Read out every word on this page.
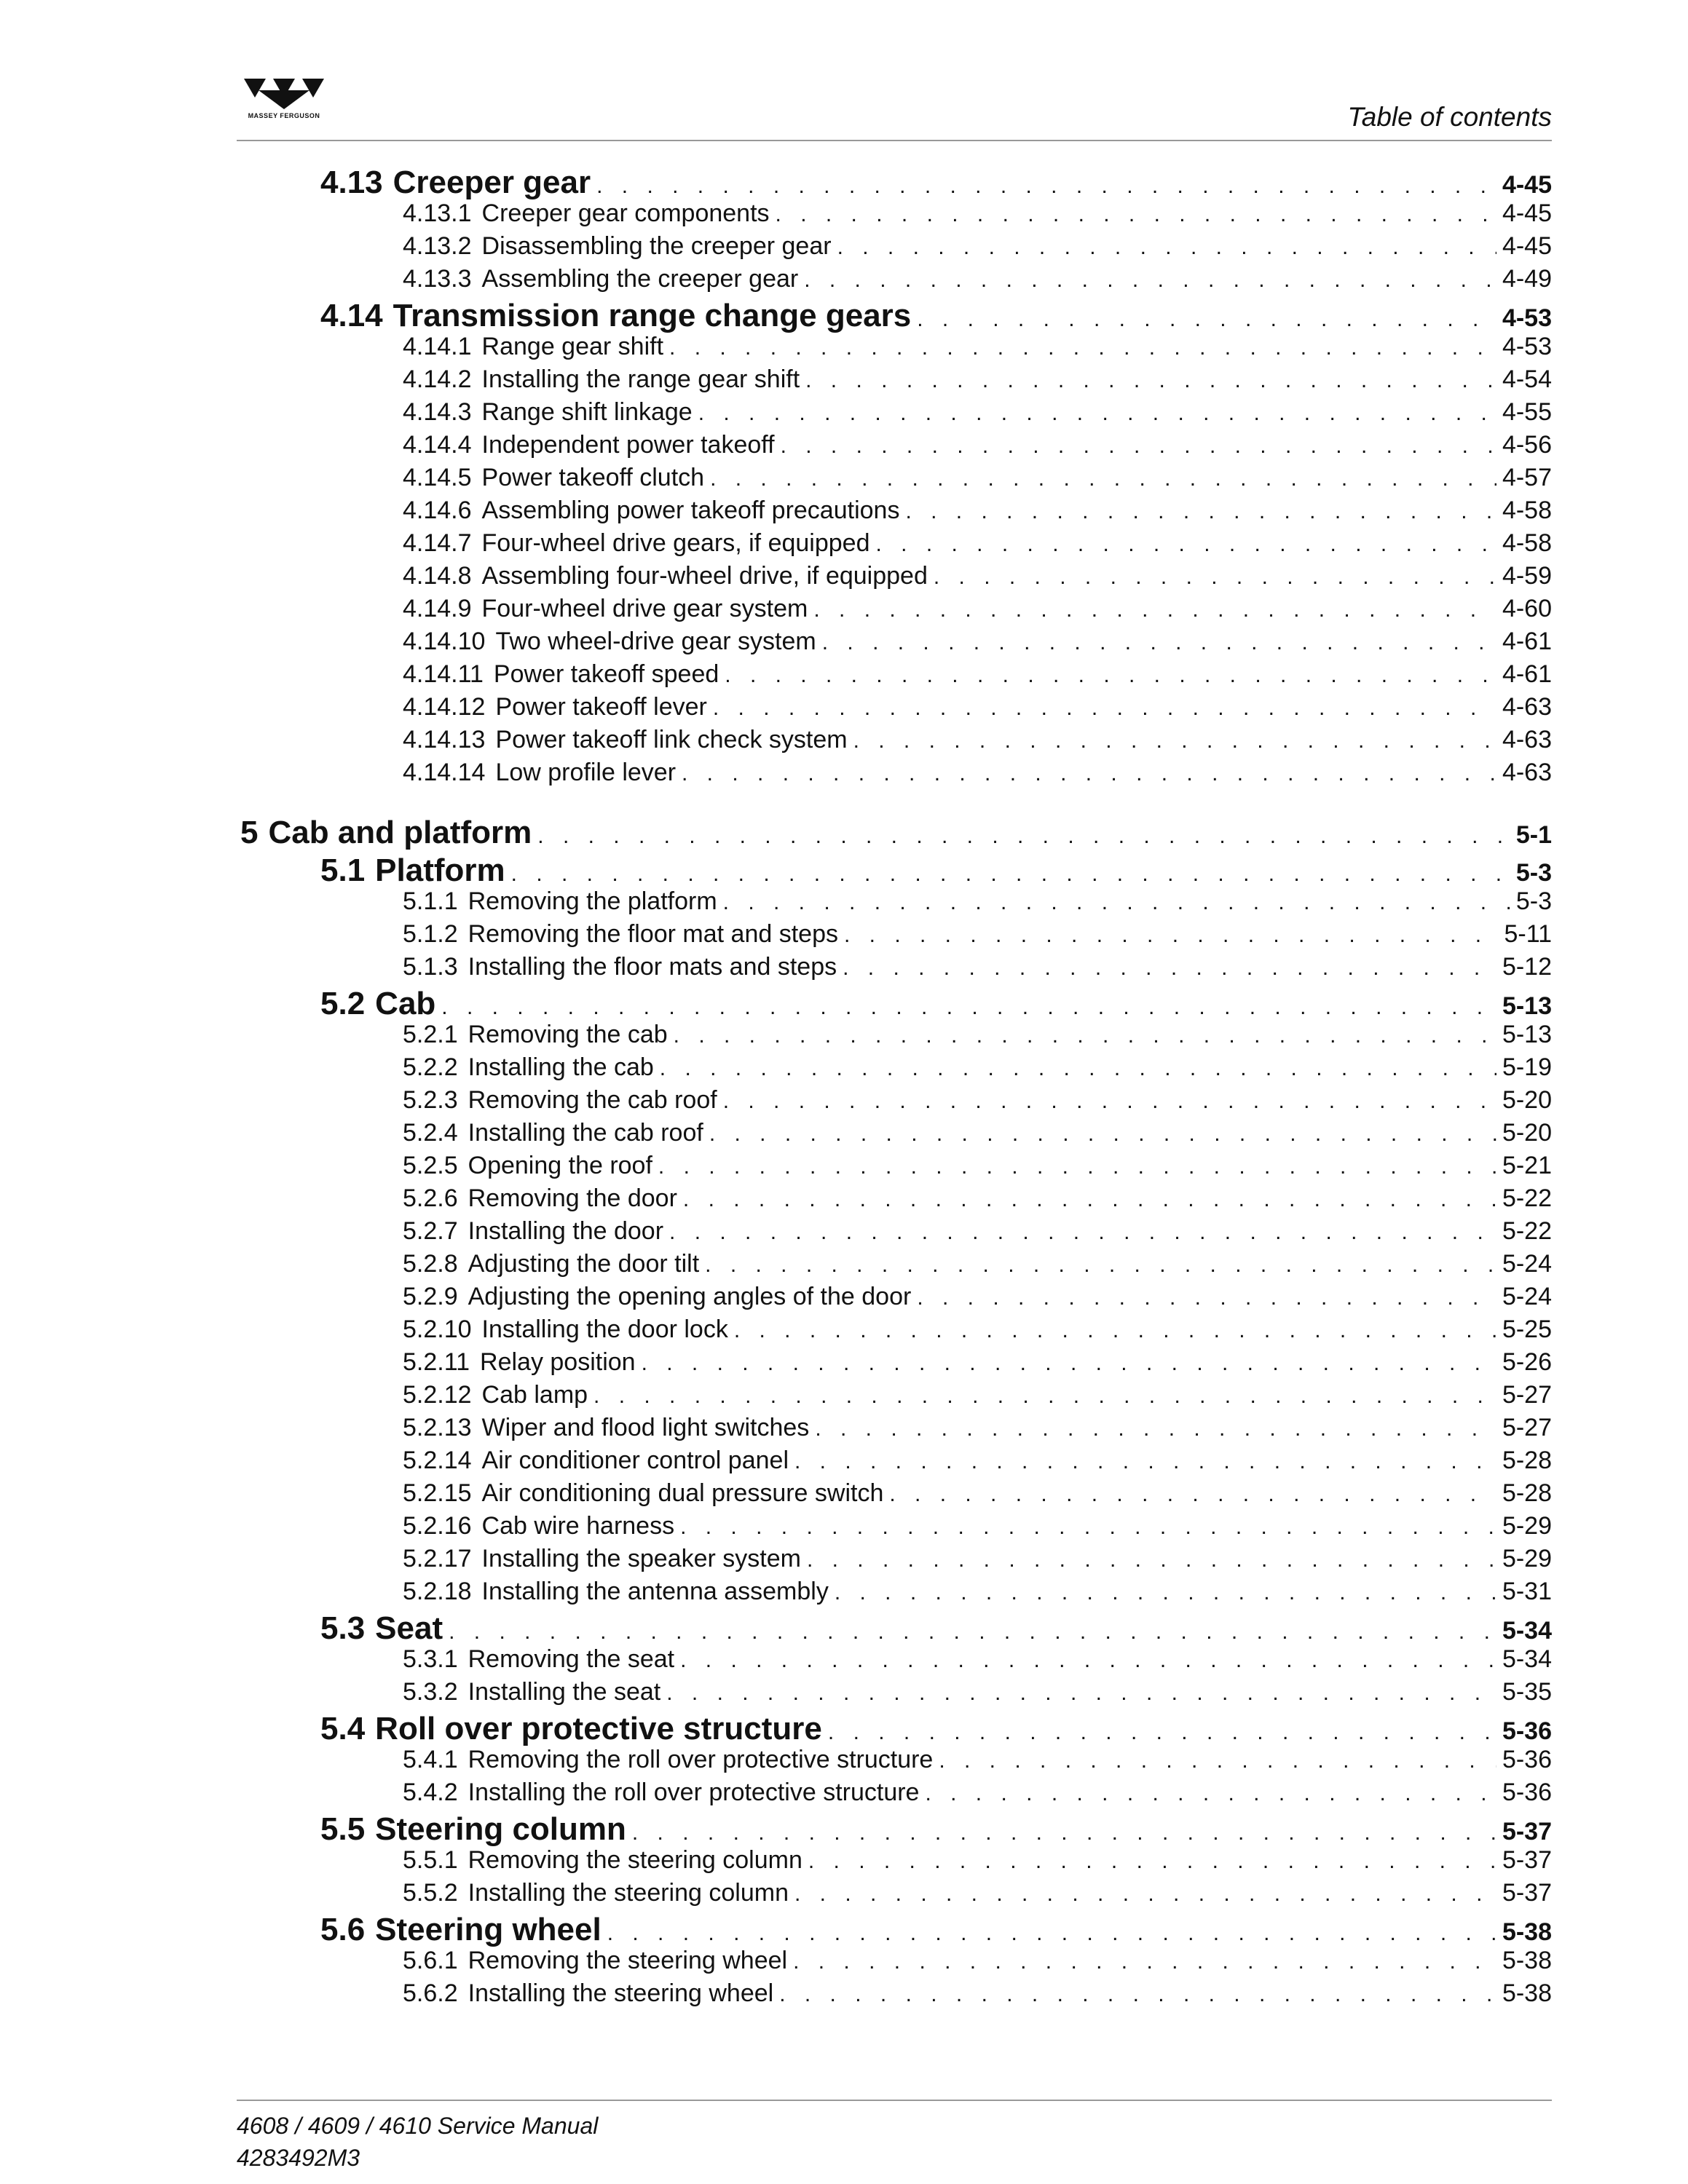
MASSEY FERGUSON	Table of contents
4.13 Creeper gear . . .	4-45
4.13.1 Creeper gear components . . .	4-45
4.13.2 Disassembling the creeper gear . . .	4-45
4.13.3 Assembling the creeper gear . . .	4-49
4.14 Transmission range change gears . . .	4-53
4.14.1 Range gear shift . . .	4-53
4.14.2 Installing the range gear shift . . .	4-54
4.14.3 Range shift linkage . . .	4-55
4.14.4 Independent power takeoff . . .	4-56
4.14.5 Power takeoff clutch . . .	4-57
4.14.6 Assembling power takeoff precautions . . .	4-58
4.14.7 Four-wheel drive gears, if equipped . . .	4-58
4.14.8 Assembling four-wheel drive, if equipped . . .	4-59
4.14.9 Four-wheel drive gear system . . .	4-60
4.14.10 Two wheel-drive gear system . . .	4-61
4.14.11 Power takeoff speed . . .	4-61
4.14.12 Power takeoff lever . . .	4-63
4.14.13 Power takeoff link check system . . .	4-63
4.14.14 Low profile lever . . .	4-63
5 Cab and platform . . .	5-1
5.1 Platform . . .	5-3
5.1.1 Removing the platform . . .	5-3
5.1.2 Removing the floor mat and steps . . .	5-11
5.1.3 Installing the floor mats and steps . . .	5-12
5.2 Cab . . .	5-13
5.2.1 Removing the cab . . .	5-13
5.2.2 Installing the cab . . .	5-19
5.2.3 Removing the cab roof . . .	5-20
5.2.4 Installing the cab roof . . .	5-20
5.2.5 Opening the roof . . .	5-21
5.2.6 Removing the door . . .	5-22
5.2.7 Installing the door . . .	5-22
5.2.8 Adjusting the door tilt . . .	5-24
5.2.9 Adjusting the opening angles of the door . . .	5-24
5.2.10 Installing the door lock . . .	5-25
5.2.11 Relay position . . .	5-26
5.2.12 Cab lamp . . .	5-27
5.2.13 Wiper and flood light switches . . .	5-27
5.2.14 Air conditioner control panel . . .	5-28
5.2.15 Air conditioning dual pressure switch . . .	5-28
5.2.16 Cab wire harness . . .	5-29
5.2.17 Installing the speaker system . . .	5-29
5.2.18 Installing the antenna assembly . . .	5-31
5.3 Seat . . .	5-34
5.3.1 Removing the seat . . .	5-34
5.3.2 Installing the seat . . .	5-35
5.4 Roll over protective structure . . .	5-36
5.4.1 Removing the roll over protective structure . . .	5-36
5.4.2 Installing the roll over protective structure . . .	5-36
5.5 Steering column . . .	5-37
5.5.1 Removing the steering column . . .	5-37
5.5.2 Installing the steering column . . .	5-37
5.6 Steering wheel . . .	5-38
5.6.1 Removing the steering wheel . . .	5-38
5.6.2 Installing the steering wheel . . .	5-38
4608 / 4609 / 4610 Service Manual
4283492M3
